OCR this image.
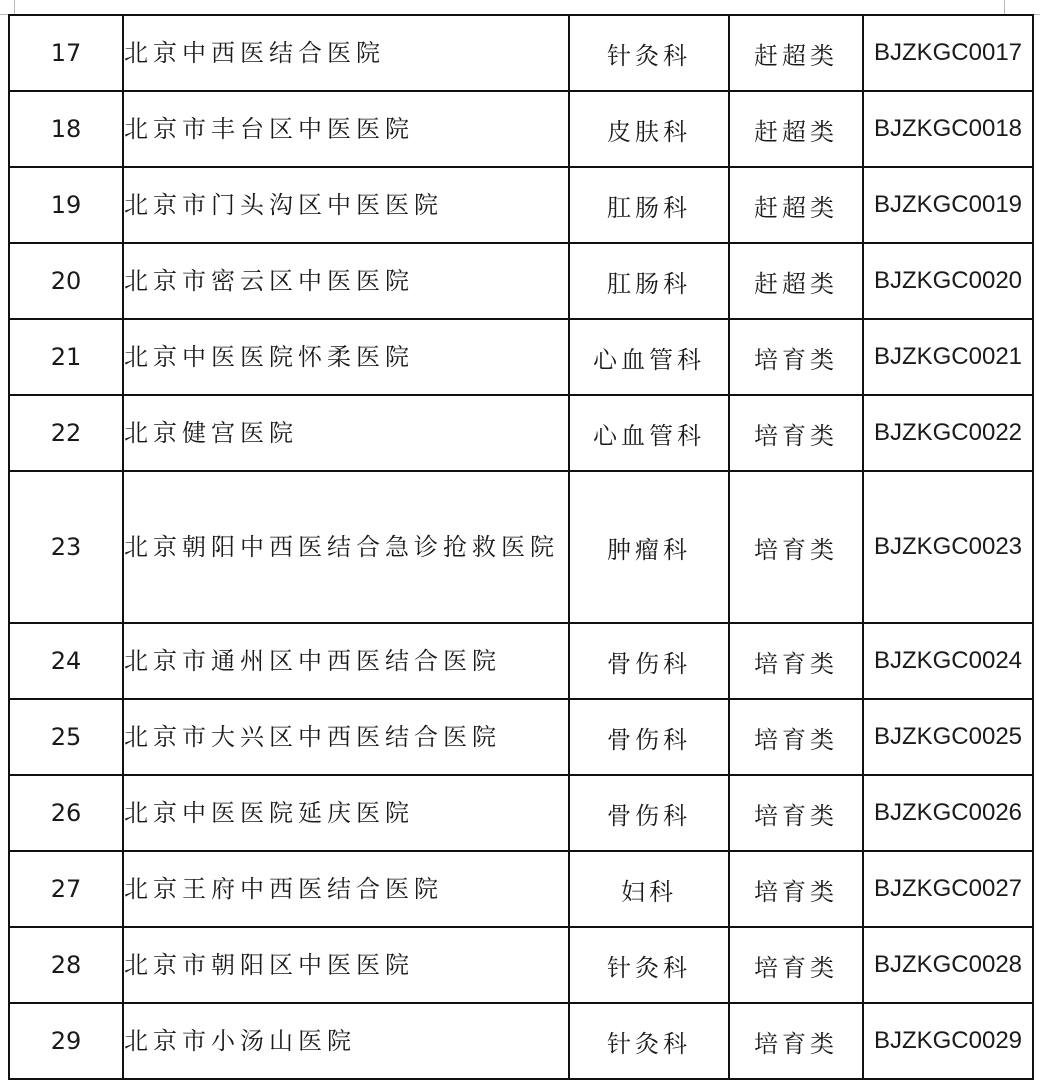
17	北京中西医结合医院	针灸科	赶超类	BJZKGC0017
18	北京市丰台区中医医院	皮肤科	赶超类	BJZKGC0018
19	北京市门头沟区中医医院	肛肠科	赶超类	BJZKGC0019
20	北京市密云区中医医院	肛肠科	赶超类	BJZKGC0020
21	北京中医医院怀柔医院	心血管科	培育类	BJZKGC0021
22	北京健宫医院	心血管科	培育类	BJZKGC0022
23	北京朝阳中西医结合急诊抢救医院	肿瘤科	培育类	BJZKGC0023
24	北京市通州区中西医结合医院	骨伤科	培育类	BJZKGC0024
25	北京市大兴区中西医结合医院	骨伤科	培育类	BJZKGC0025
26	北京中医医院延庆医院	骨伤科	培育类	BJZKGC0026
27	北京王府中西医结合医院	妇科	培育类	BJZKGC0027
28	北京市朝阳区中医医院	针灸科	培育类	BJZKGC0028
29	北京市小汤山医院	针灸科	培育类	BJZKGC0029
